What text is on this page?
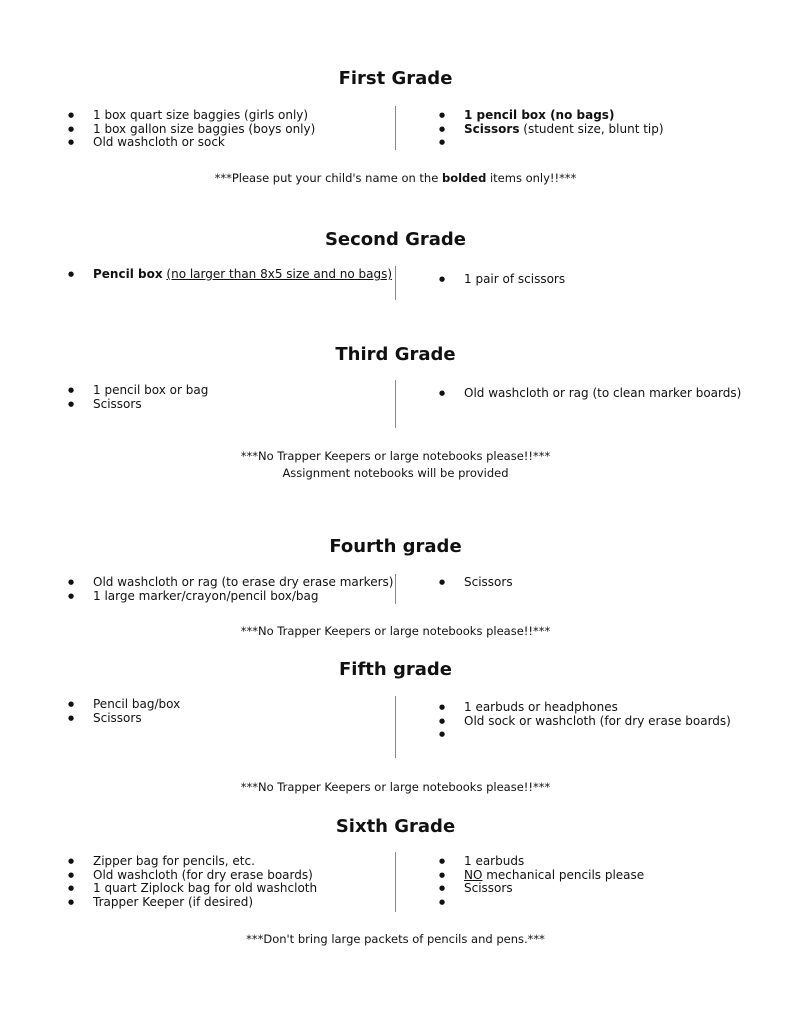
First Grade
● 1 box quart size baggies (girls only)
● 1 box gallon size baggies (boys only)
● Old washcloth or sock
● 1 pencil box (no bags)
● Scissors (student size, blunt tip)
●

***Please put your child's name on the bolded items only!!***

Second Grade
● Pencil box (no larger than 8x5 size and no bags)
●	1 pair of scissors
Third Grade
● 1 pencil box or bag
● Scissors
● Old washcloth or rag (to clean marker boards)

***No Trapper Keepers or large notebooks please!!***

Assignment notebooks will be provided

Fourth grade
● Old washcloth or rag (to erase dry erase markers)
● 1 large marker/crayon/pencil box/bag
● Scissors

***No Trapper Keepers or large notebooks please!!***

Fifth grade
● Pencil bag/box
● Scissors
● 1 earbuds or headphones
● Old sock or washcloth (for dry erase boards)
●

***No Trapper Keepers or large notebooks please!!***

Sixth Grade
● Zipper bag for pencils, etc.
● Old washcloth (for dry erase boards)
● 1 quart Ziplock bag for old washcloth
● Trapper Keeper (if desired)
● 1 earbuds
● NO mechanical pencils please
● Scissors
●

***Don't bring large packets of pencils and pens.***
